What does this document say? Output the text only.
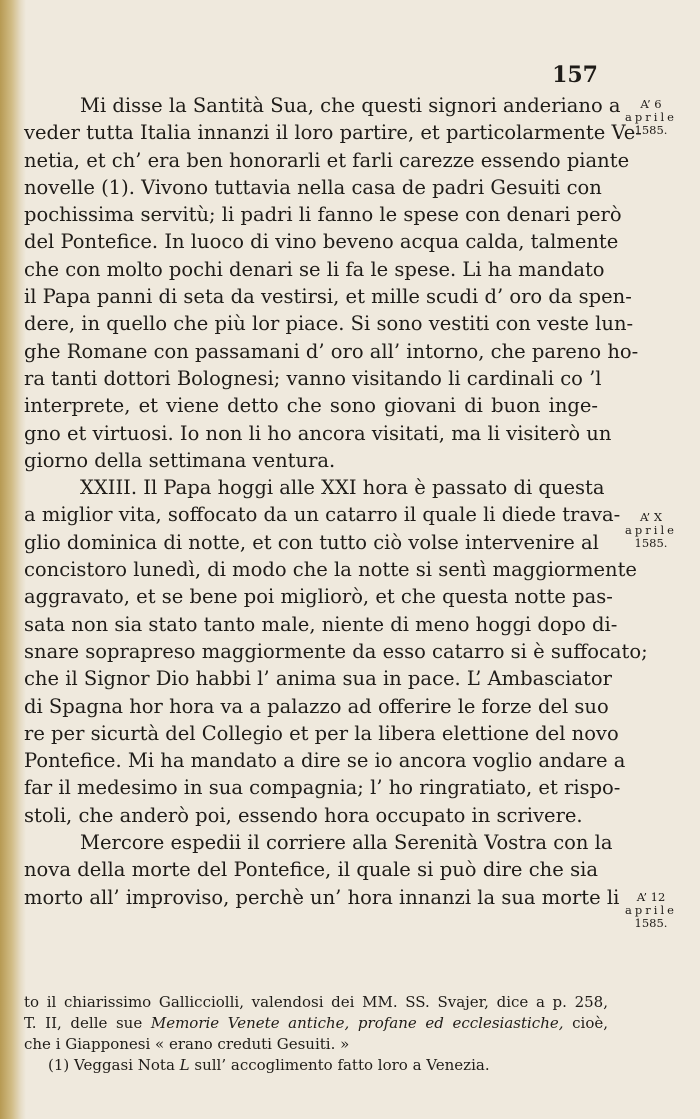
157
Mi disse la Santità Sua, che questi signori anderiano a
veder tutta Italia innanzi il loro partire, et particolarmente Ve-
netia, et ch’ era ben honorarli et farli carezze essendo piante
novelle (1). Vivono tuttavia nella casa de padri Gesuiti con
pochissima servitù; li padri li fanno le spese con denari però
del Pontefice. In luoco di vino beveno acqua calda, talmente
che con molto pochi denari se li fa le spese. Li ha mandato
il Papa panni di seta da vestirsi, et mille scudi d’ oro da spen-
dere, in quello che più lor piace. Si sono vestiti con veste lun-
ghe Romane con passamani d’ oro all’ intorno, che pareno ho-
ra tanti dottori Bolognesi; vanno visitando li cardinali co ’l
interprete, et viene detto che sono giovani di buon inge-
gno et virtuosi. Io non li ho ancora visitati, ma li visiterò un
giorno della settimana ventura.
XXIII. Il Papa hoggi alle XXI hora è passato di questa
a miglior vita, soffocato da un catarro il quale li diede trava-
glio dominica di notte, et con tutto ciò volse intervenire al
concistoro lunedì, di modo che la notte si sentì maggiormente
aggravato, et se bene poi migliorò, et che questa notte pas-
sata non sia stato tanto male, niente di meno hoggi dopo di-
snare soprapreso maggiormente da esso catarro si è suffocato;
che il Signor Dio habbi l’ anima sua in pace. L’ Ambasciator
di Spagna hor hora va a palazzo ad offerire le forze del suo
re per sicurtà del Collegio et per la libera elettione del novo
Pontefice. Mi ha mandato a dire se io ancora voglio andare a
far il medesimo in sua compagnia; l’ ho ringratiato, et rispo-
stoli, che anderò poi, essendo hora occupato in scrivere.
Mercore espedii il corriere alla Serenità Vostra con la
nova della morte del Pontefice, il quale si può dire che sia
morto all’ improviso, perchè un’ hora innanzi la sua morte li
A’ 6
aprile
1585.
A’ X
aprile
1585.
A’ 12
aprile
1585.
to il chiarissimo Gallicciolli, valendosi dei MM. SS. Svajer, dice a p. 258,
T. II, delle sue Memorie Venete antiche, profane ed ecclesiastiche, cioè,
che i Giapponesi « erano creduti Gesuiti. »
(1) Veggasi Nota L sull’ accoglimento fatto loro a Venezia.
